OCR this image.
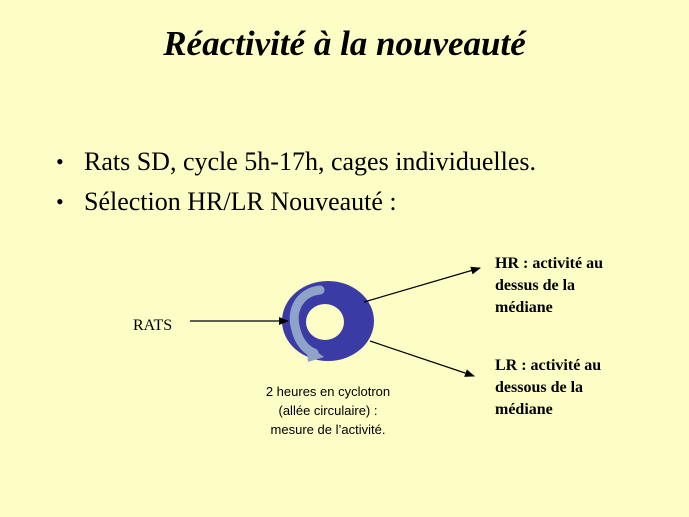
Réactivité à la nouveauté
• Rats SD, cycle 5h-17h, cages individuelles.
• Sélection HR/LR Nouveauté :
RATS
2 heures en cyclotron (allée circulaire) : mesure de l’activité.
HR : activité au
dessus de la
médiane
LR : activité au
dessous de la
médiane
